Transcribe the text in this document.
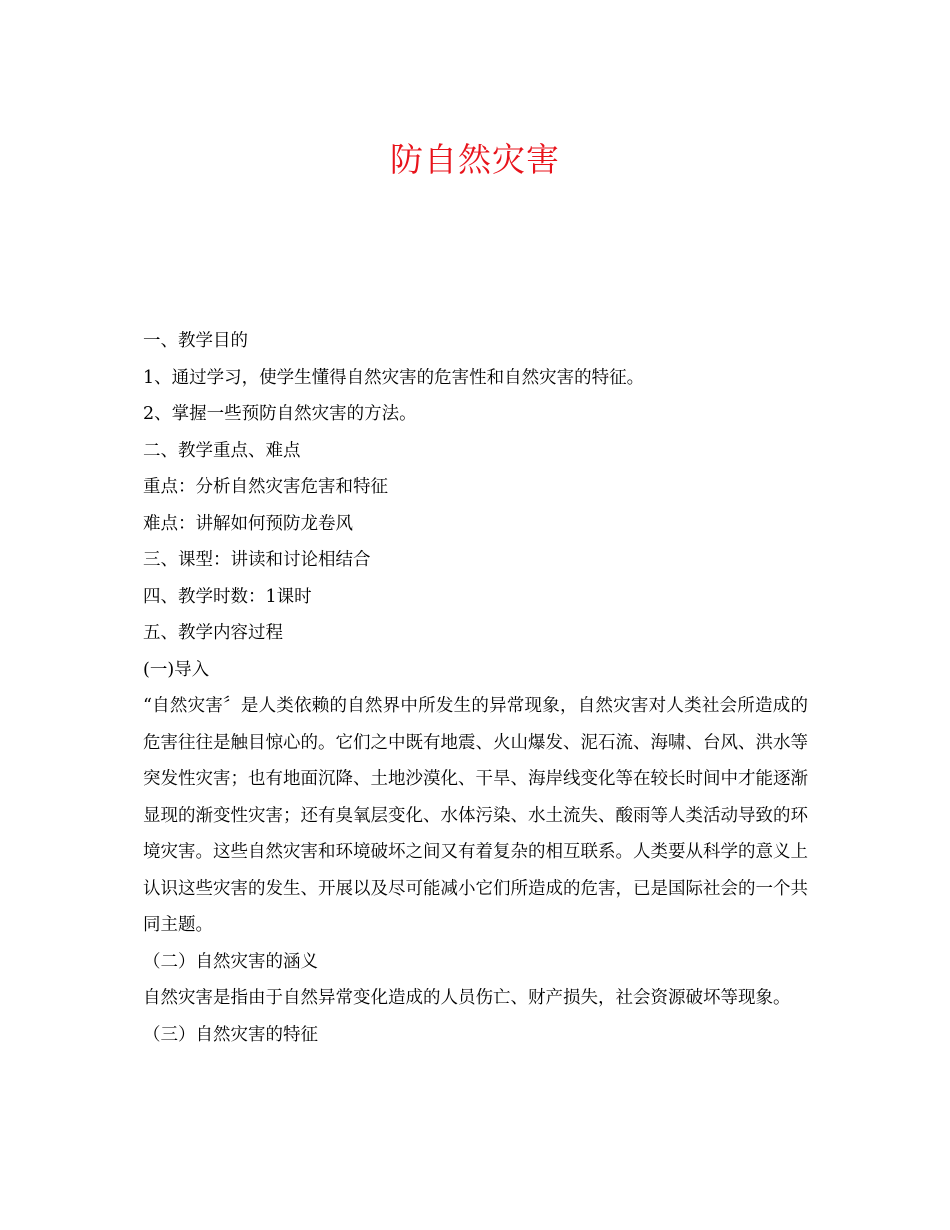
防自然灾害
一、教学目的
1、通过学习，使学生懂得自然灾害的危害性和自然灾害的特征。
2、掌握一些预防自然灾害的方法。
二、教学重点、难点
重点：分析自然灾害危害和特征
难点：讲解如何预防龙卷风
三、课型：讲读和讨论相结合
四、教学时数：1课时
五、教学内容过程
(一)导入
“自然灾害〞是人类依赖的自然界中所发生的异常现象，自然灾害对人类社会所造成的危害往往是触目惊心的。它们之中既有地震、火山爆发、泥石流、海啸、台风、洪水等突发性灾害；也有地面沉降、土地沙漠化、干旱、海岸线变化等在较长时间中才能逐渐显现的渐变性灾害；还有臭氧层变化、水体污染、水土流失、酸雨等人类活动导致的环境灾害。这些自然灾害和环境破坏之间又有着复杂的相互联系。人类要从科学的意义上认识这些灾害的发生、开展以及尽可能减小它们所造成的危害，已是国际社会的一个共同主题。
（二）自然灾害的涵义
自然灾害是指由于自然异常变化造成的人员伤亡、财产损失，社会资源破坏等现象。
（三）自然灾害的特征
